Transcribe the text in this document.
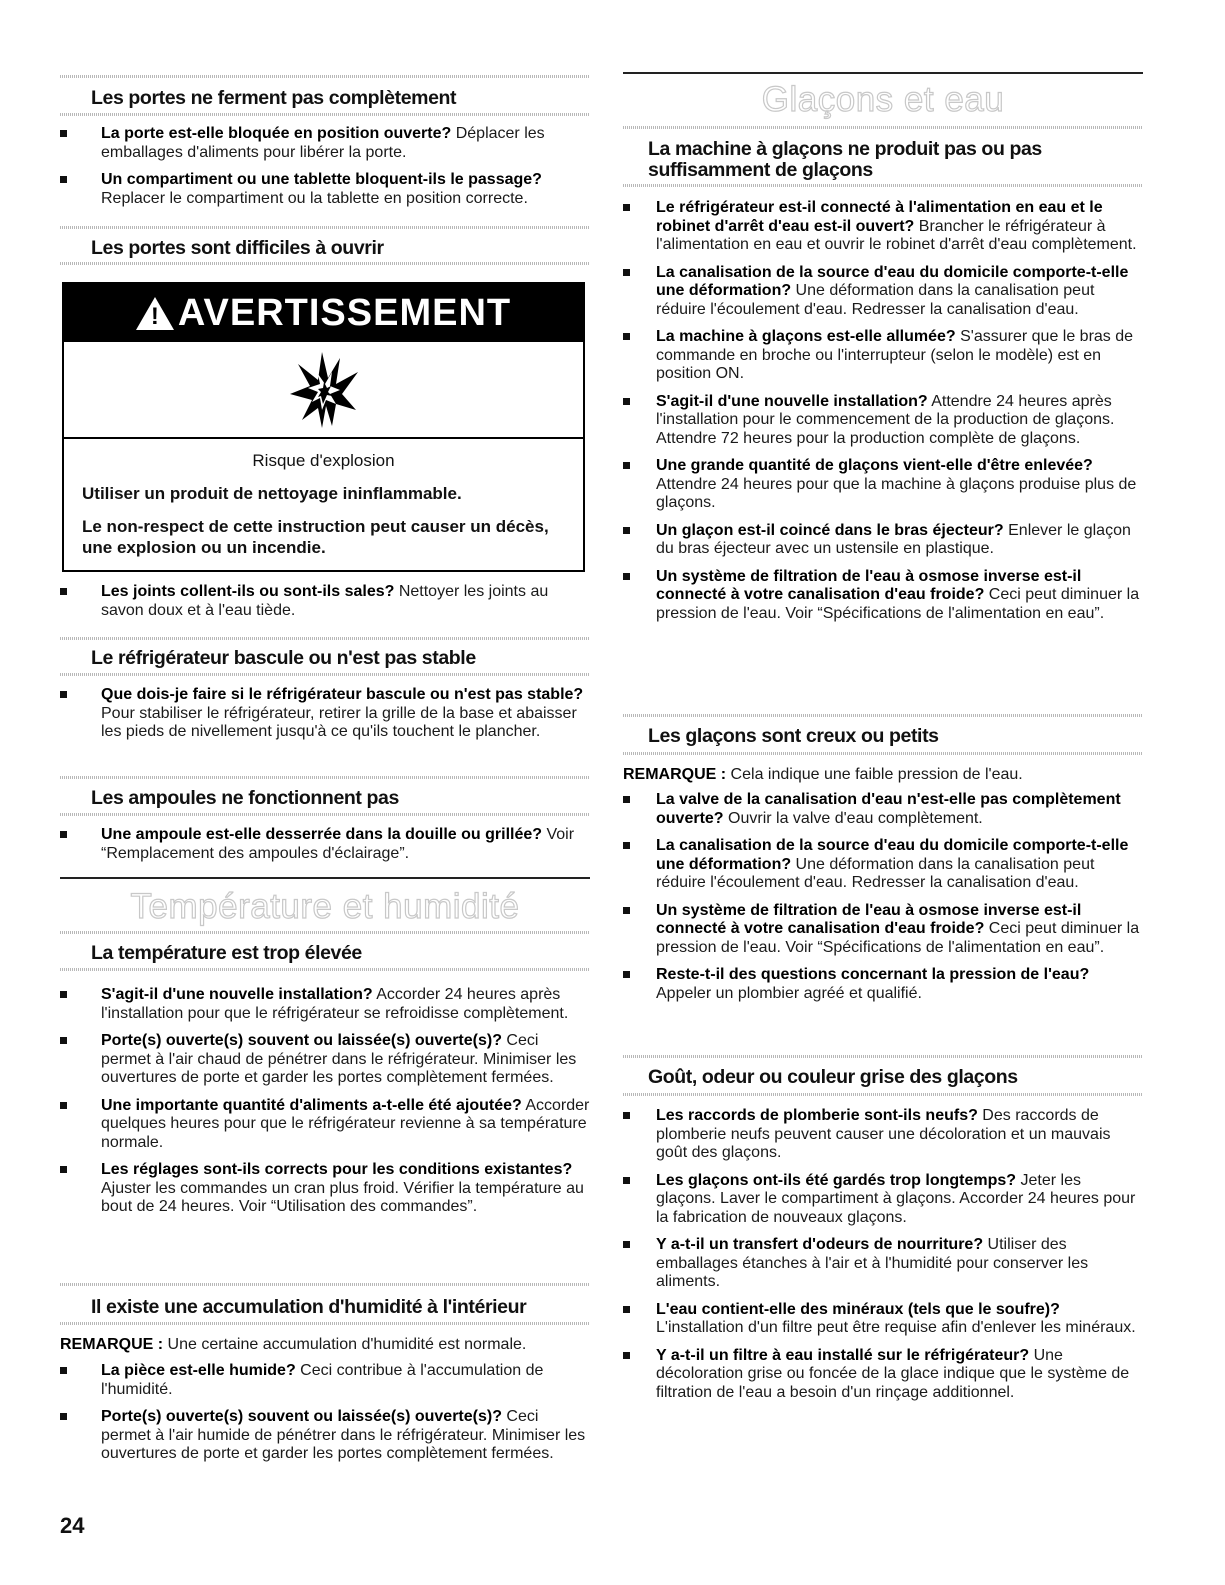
Les portes ne ferment pas complètement
La porte est-elle bloquée en position ouverte? Déplacer les emballages d'aliments pour libérer la porte.
Un compartiment ou une tablette bloquent-ils le passage? Replacer le compartiment ou la tablette en position correcte.
Les portes sont difficiles à ouvrir
! AVERTISSEMENT
Risque d'explosion
Utiliser un produit de nettoyage ininflammable.
Le non-respect de cette instruction peut causer un décès, une explosion ou un incendie.
Les joints collent-ils ou sont-ils sales? Nettoyer les joints au savon doux et à l'eau tiède.
Le réfrigérateur bascule ou n'est pas stable
Que dois-je faire si le réfrigérateur bascule ou n'est pas stable? Pour stabiliser le réfrigérateur, retirer la grille de la base et abaisser les pieds de nivellement jusqu'à ce qu'ils touchent le plancher.
Les ampoules ne fonctionnent pas
Une ampoule est-elle desserrée dans la douille ou grillée? Voir “Remplacement des ampoules d'éclairage”.
Température et humidité
La température est trop élevée
S'agit-il d'une nouvelle installation? Accorder 24 heures après l'installation pour que le réfrigérateur se refroidisse complètement.
Porte(s) ouverte(s) souvent ou laissée(s) ouverte(s)? Ceci permet à l'air chaud de pénétrer dans le réfrigérateur. Minimiser les ouvertures de porte et garder les portes complètement fermées.
Une importante quantité d'aliments a-t-elle été ajoutée? Accorder quelques heures pour que le réfrigérateur revienne à sa température normale.
Les réglages sont-ils corrects pour les conditions existantes? Ajuster les commandes un cran plus froid. Vérifier la température au bout de 24 heures. Voir “Utilisation des commandes”.
Il existe une accumulation d'humidité à l'intérieur
REMARQUE : Une certaine accumulation d'humidité est normale.
La pièce est-elle humide? Ceci contribue à l'accumulation de l'humidité.
Porte(s) ouverte(s) souvent ou laissée(s) ouverte(s)? Ceci permet à l'air humide de pénétrer dans le réfrigérateur. Minimiser les ouvertures de porte et garder les portes complètement fermées.
Glaçons et eau
La machine à glaçons ne produit pas ou pas suffisamment de glaçons
Le réfrigérateur est-il connecté à l'alimentation en eau et le robinet d'arrêt d'eau est-il ouvert? Brancher le réfrigérateur à l'alimentation en eau et ouvrir le robinet d'arrêt d'eau complètement.
La canalisation de la source d'eau du domicile comporte-t-elle une déformation? Une déformation dans la canalisation peut réduire l'écoulement d'eau. Redresser la canalisation d'eau.
La machine à glaçons est-elle allumée? S'assurer que le bras de commande en broche ou l'interrupteur (selon le modèle) est en position ON.
S'agit-il d'une nouvelle installation? Attendre 24 heures après l'installation pour le commencement de la production de glaçons. Attendre 72 heures pour la production complète de glaçons.
Une grande quantité de glaçons vient-elle d'être enlevée? Attendre 24 heures pour que la machine à glaçons produise plus de glaçons.
Un glaçon est-il coincé dans le bras éjecteur? Enlever le glaçon du bras éjecteur avec un ustensile en plastique.
Un système de filtration de l'eau à osmose inverse est-il connecté à votre canalisation d'eau froide? Ceci peut diminuer la pression de l'eau. Voir “Spécifications de l'alimentation en eau”.
Les glaçons sont creux ou petits
REMARQUE : Cela indique une faible pression de l'eau.
La valve de la canalisation d'eau n'est-elle pas complètement ouverte? Ouvrir la valve d'eau complètement.
La canalisation de la source d'eau du domicile comporte-t-elle une déformation? Une déformation dans la canalisation peut réduire l'écoulement d'eau. Redresser la canalisation d'eau.
Un système de filtration de l'eau à osmose inverse est-il connecté à votre canalisation d'eau froide? Ceci peut diminuer la pression de l'eau. Voir “Spécifications de l'alimentation en eau”.
Reste-t-il des questions concernant la pression de l'eau? Appeler un plombier agréé et qualifié.
Goût, odeur ou couleur grise des glaçons
Les raccords de plomberie sont-ils neufs? Des raccords de plomberie neufs peuvent causer une décoloration et un mauvais goût des glaçons.
Les glaçons ont-ils été gardés trop longtemps? Jeter les glaçons. Laver le compartiment à glaçons. Accorder 24 heures pour la fabrication de nouveaux glaçons.
Y a-t-il un transfert d'odeurs de nourriture? Utiliser des emballages étanches à l'air et à l'humidité pour conserver les aliments.
L'eau contient-elle des minéraux (tels que le soufre)? L'installation d'un filtre peut être requise afin d'enlever les minéraux.
Y a-t-il un filtre à eau installé sur le réfrigérateur? Une décoloration grise ou foncée de la glace indique que le système de filtration de l'eau a besoin d'un rinçage additionnel.
24
